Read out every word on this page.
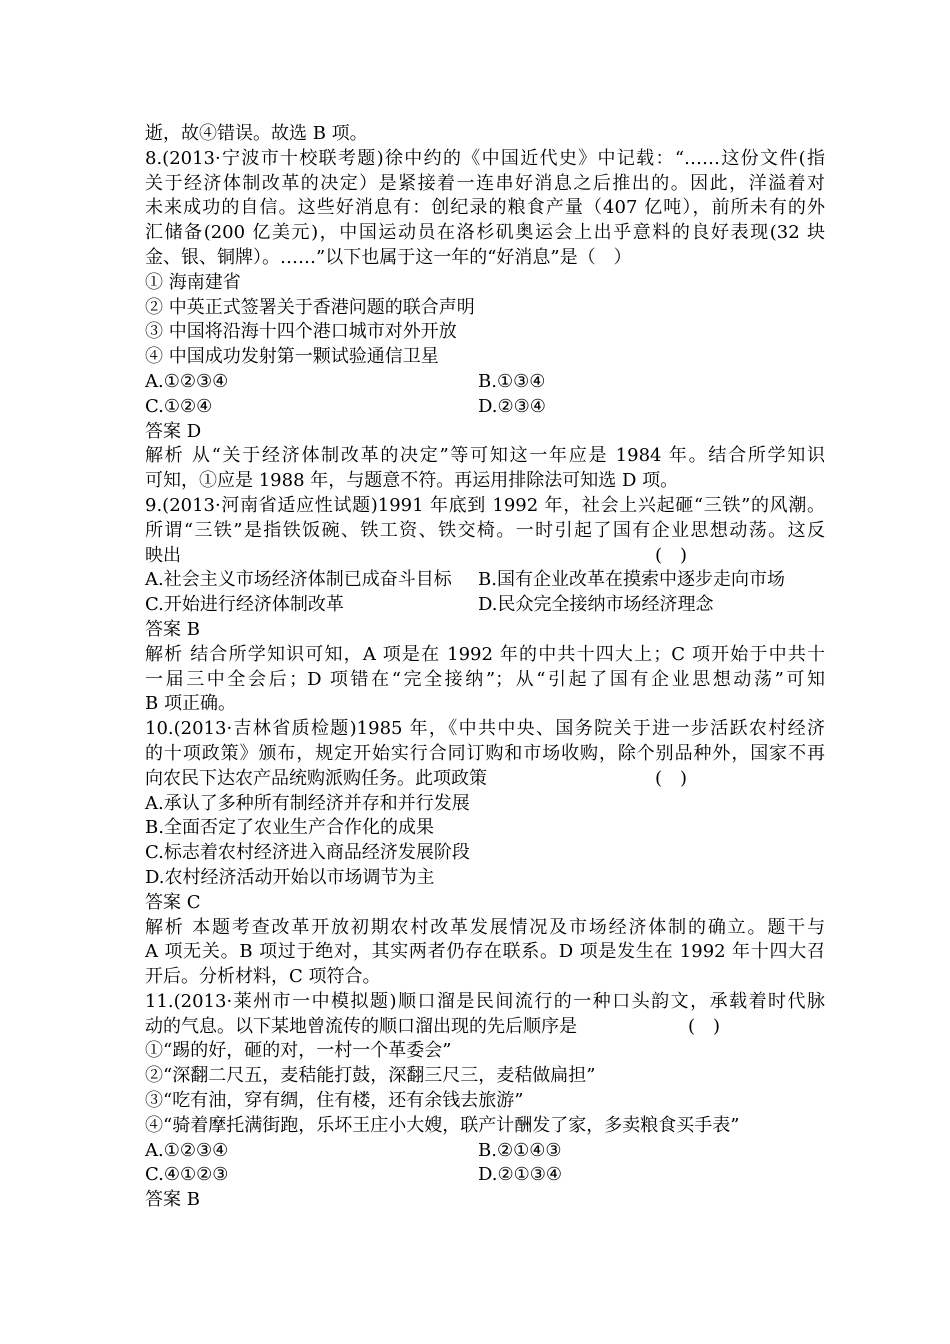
逝，故④错误。故选 B 项。
8.(2013·宁波市十校联考题)徐中约的《中国近代史》中记载：“……这份文件(指
关于经济体制改革的决定）是紧接着一连串好消息之后推出的。因此，洋溢着对
未来成功的自信。这些好消息有：创纪录的粮食产量（407 亿吨），前所未有的外
汇储备(200 亿美元)，中国运动员在洛杉矶奥运会上出乎意料的良好表现(32 块
金、银、铜牌）。……”以下也属于这一年的“好消息”是（　）
① 海南建省
② 中英正式签署关于香港问题的联合声明
③ 中国将沿海十四个港口城市对外开放
④ 中国成功发射第一颗试验通信卫星
A.①②③④	B.①③④
C.①②④	D.②③④
答案 D
解析 从“关于经济体制改革的决定”等可知这一年应是 1984 年。结合所学知识
可知，①应是 1988 年，与题意不符。再运用排除法可知选 D 项。
9.(2013·河南省适应性试题)1991 年底到 1992 年，社会上兴起砸“三铁”的风潮。
所谓“三铁”是指铁饭碗、铁工资、铁交椅。一时引起了国有企业思想动荡。这反
映出	(　)
A.社会主义市场经济体制已成奋斗目标 B.国有企业改革在摸索中逐步走向市场
C.开始进行经济体制改革	D.民众完全接纳市场经济理念
答案 B
解析 结合所学知识可知，A 项是在 1992 年的中共十四大上；C 项开始于中共十
一届三中全会后；D 项错在“完全接纳”；从“引起了国有企业思想动荡”可知
B 项正确。
10.(2013·吉林省质检题)1985 年，《中共中央、国务院关于进一步活跃农村经济
的十项政策》颁布，规定开始实行合同订购和市场收购，除个别品种外，国家不再
向农民下达农产品统购派购任务。此项政策	(　)
A.承认了多种所有制经济并存和并行发展
B.全面否定了农业生产合作化的成果
C.标志着农村经济进入商品经济发展阶段
D.农村经济活动开始以市场调节为主
答案 C
解析 本题考查改革开放初期农村改革发展情况及市场经济体制的确立。题干与
A 项无关。B 项过于绝对，其实两者仍存在联系。D 项是发生在 1992 年十四大召
开后。分析材料，C 项符合。
11.(2013·莱州市一中模拟题)顺口溜是民间流行的一种口头韵文，承载着时代脉
动的气息。以下某地曾流传的顺口溜出现的先后顺序是	(　)
①“踢的好，砸的对，一村一个革委会”
②“深翻二尺五，麦秸能打鼓，深翻三尺三，麦秸做扁担”
③“吃有油，穿有绸，住有楼，还有余钱去旅游”
④“骑着摩托满街跑，乐坏王庄小大嫂，联产计酬发了家，多卖粮食买手表”
A.①②③④	B.②①④③
C.④①②③	D.②①③④
答案 B
